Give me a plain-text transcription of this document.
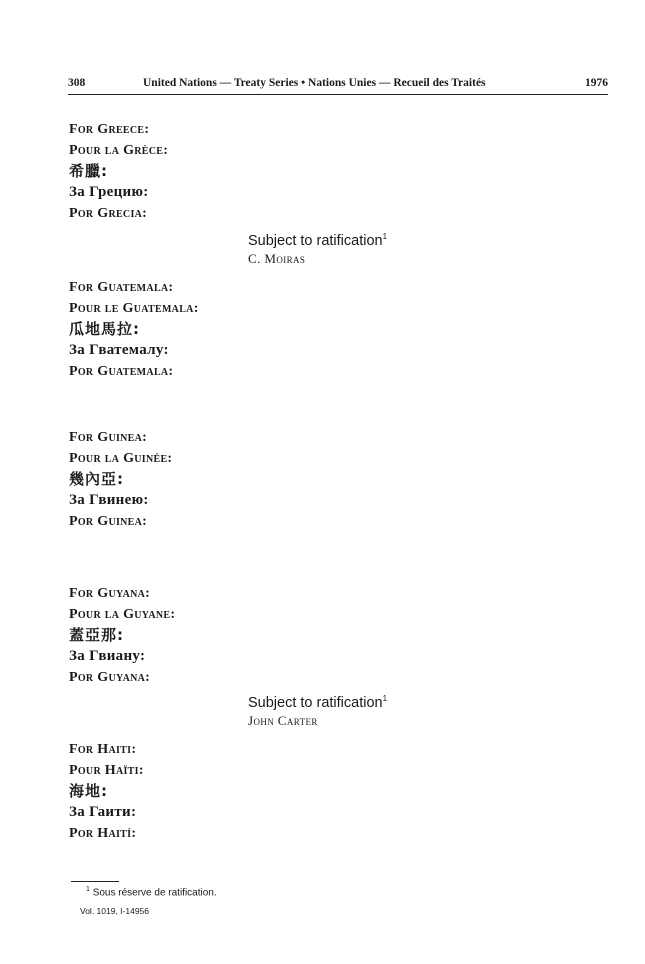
308	United Nations — Treaty Series • Nations Unies — Recueil des Traités	1976
For Greece:
Pour la Grèce:
希臘:
За Грецию:
Por Grecia:
Subject to ratification$^1$
C. Moiras
For Guatemala:
Pour le Guatemala:
瓜地馬拉:
За Гватемалу:
Por Guatemala:
For Guinea:
Pour la Guinée:
幾內亞:
За Гвинею:
Por Guinea:
For Guyana:
Pour la Guyane:
蓋亞那:
За Гвиану:
Por Guyana:
Subject to ratification$^1$
John Carter
For Haiti:
Pour Haïti:
海地:
За Гаити:
Por Haití:
$^1$ Sous réserve de ratification.
Vol. 1019, I-14956
